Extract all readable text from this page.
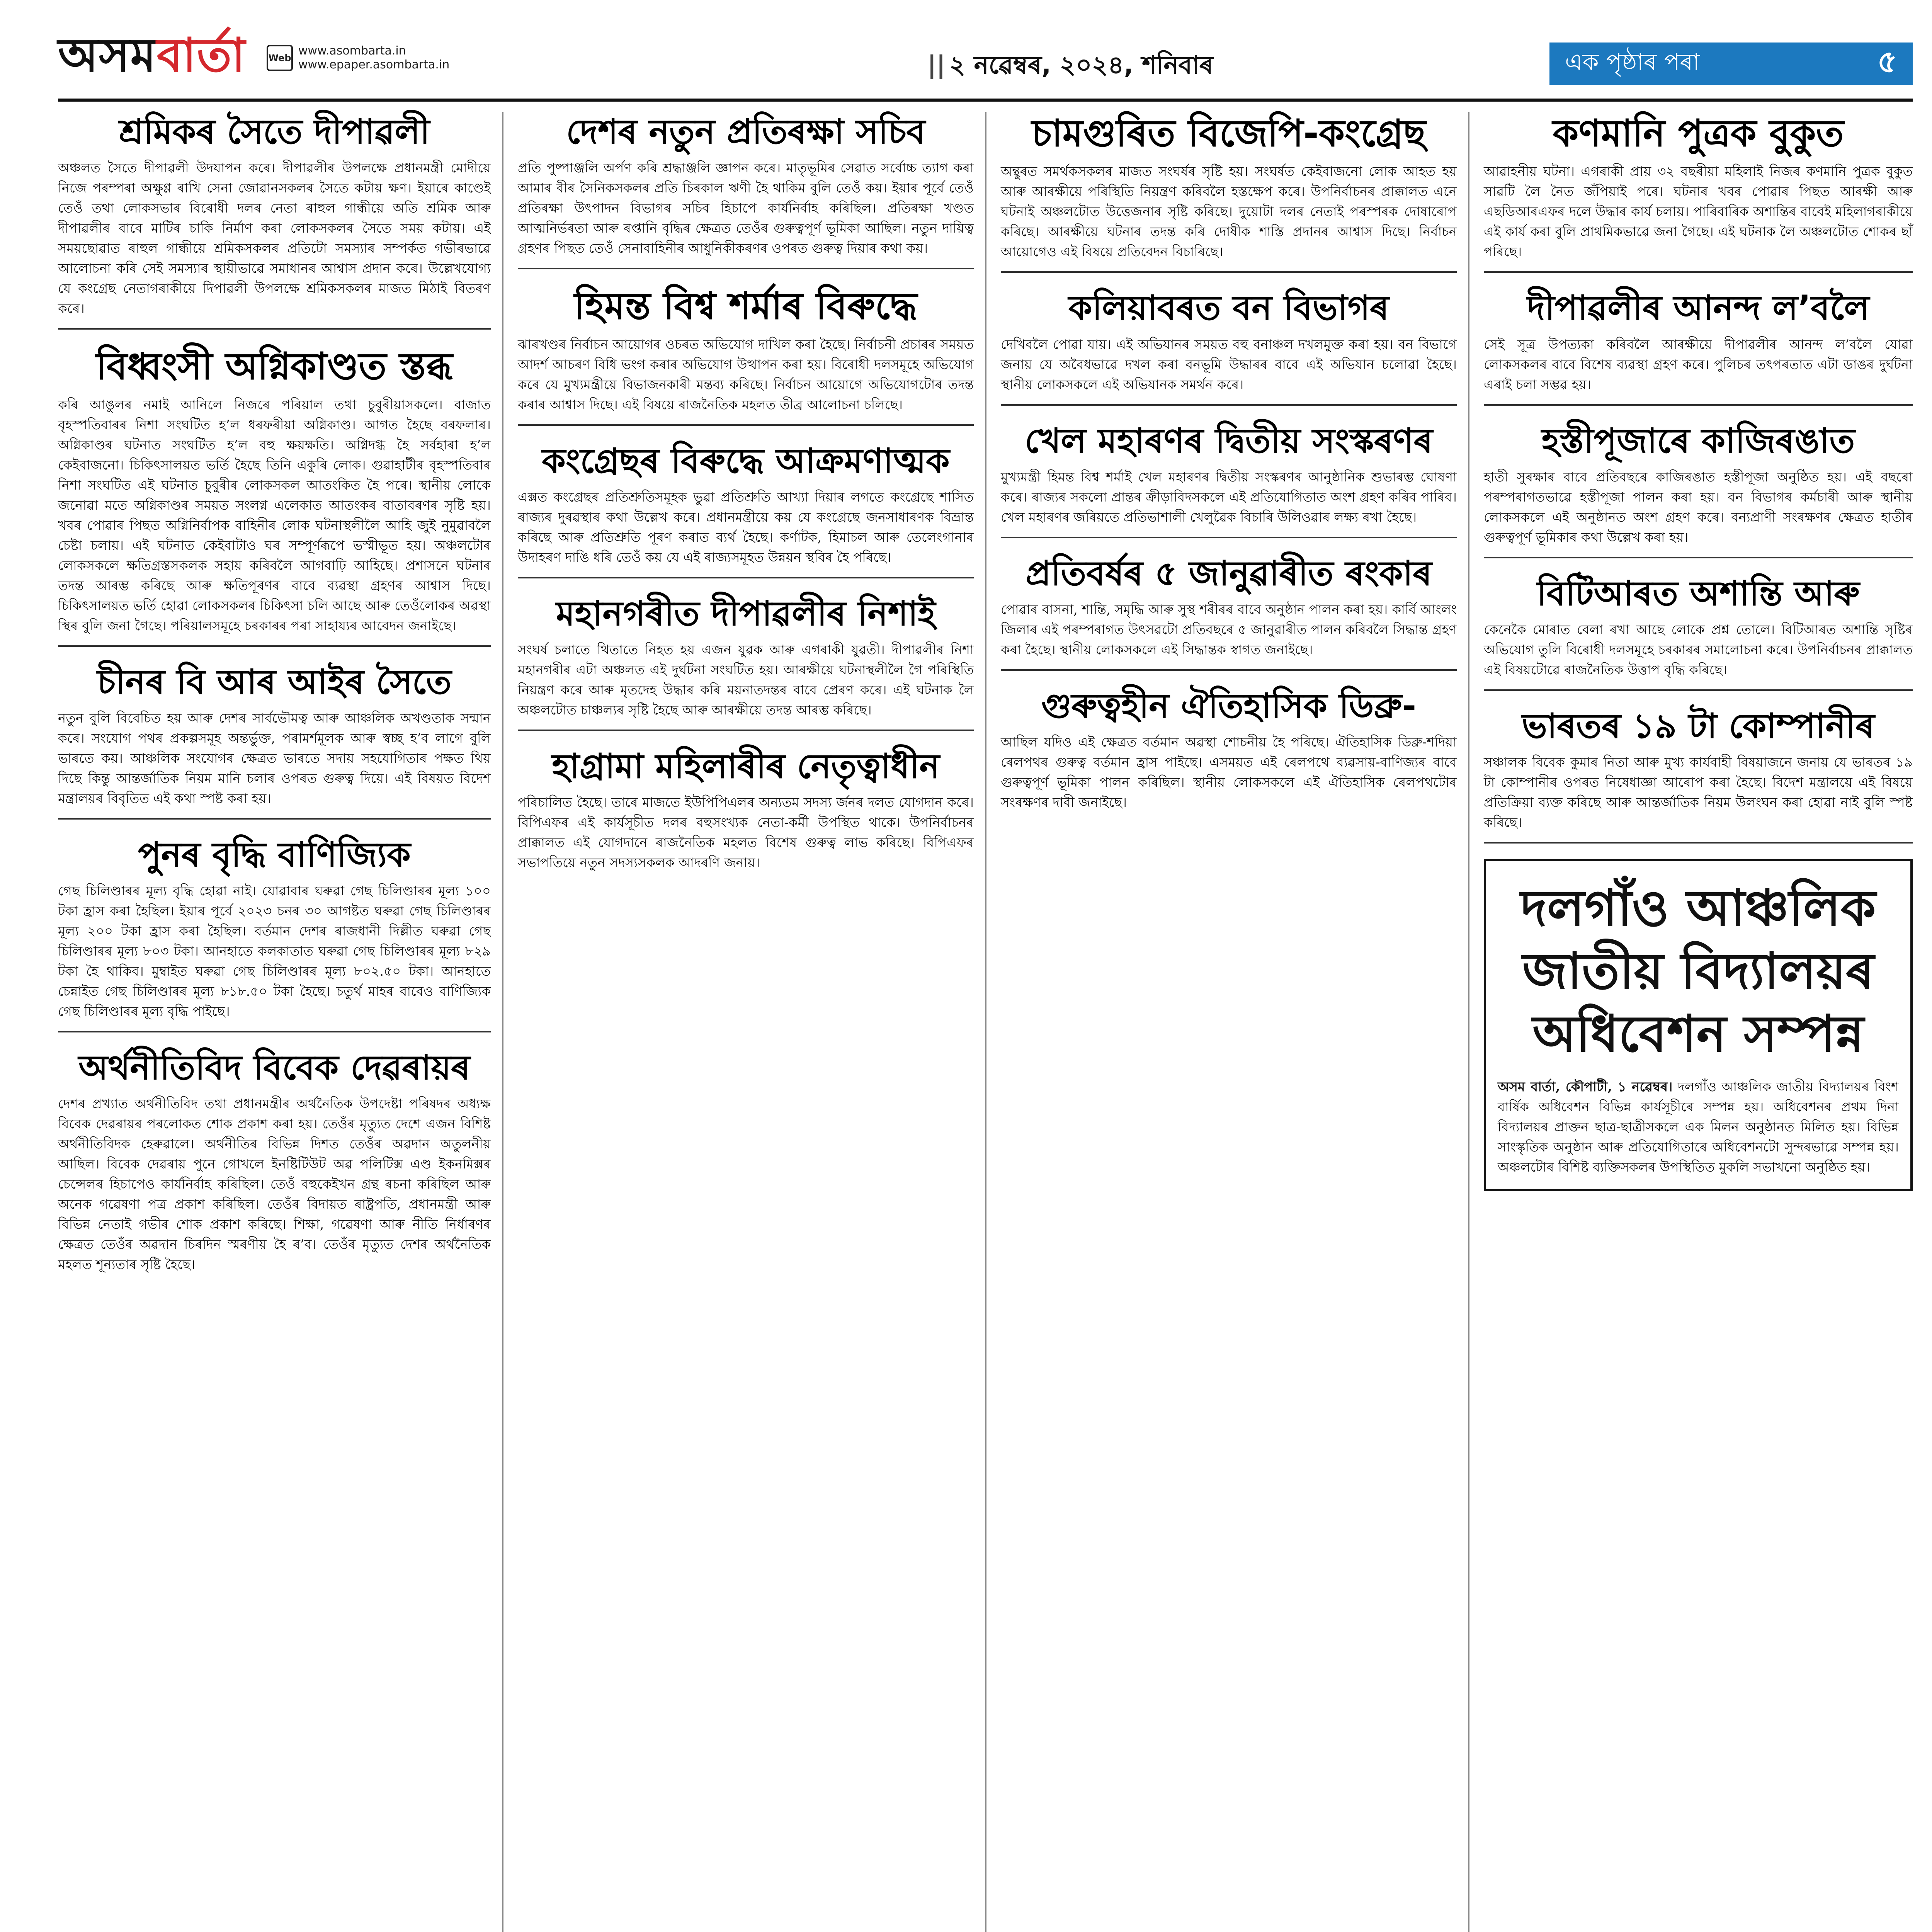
অসমবাৰ্তা Web
www.asombarta.in
www.epaper.asombarta.in	|| ২ নৱেম্বৰ, ২০২৪, শনিবাৰ	এক পৃষ্ঠাৰ পৰা	৫
শ্ৰমিকৰ সৈতে দীপাৱলী

অঞ্চলত সৈতে দীপাৱলী উদযাপন কৰে। দীপাৱলীৰ উপলক্ষে প্ৰধানমন্ত্ৰী মোদীয়ে নিজে পৰম্পৰা অক্ষুণ্ণ ৰাখি সেনা জোৱানসকলৰ সৈতে কটায় ক্ষণ। ইয়াৰে কাণ্ডেই তেওঁ তথা লোকসভাৰ বিৰোধী দলৰ নেতা ৰাহুল গান্ধীয়ে অতি শ্ৰমিক আৰু দীপাৱলীৰ বাবে মাটিৰ চাকি নিৰ্মাণ কৰা লোকসকলৰ সৈতে সময় কটায়। এই সময়ছোৱাত ৰাহুল গান্ধীয়ে শ্ৰমিকসকলৰ প্ৰতিটো সমস্যাৰ সম্পৰ্কত গভীৰভাৱে আলোচনা কৰি সেই সমস্যাৰ স্থায়ীভাৱে সমাধানৰ আশ্বাস প্ৰদান কৰে। উল্লেখযোগ্য যে কংগ্ৰেছ নেতাগৰাকীয়ে দিপাৱলী উপলক্ষে শ্ৰমিকসকলৰ মাজত মিঠাই বিতৰণ কৰে।

বিধ্বংসী অগ্নিকাণ্ডত স্তব্ধ

কৰি আঙুলৰ নমাই আনিলে নিজৰে পৰিয়াল তথা চুবুৰীয়াসকলে। বাজাত বৃহস্পতিবাৰৰ নিশা সংঘটিত হ’ল ধৰফৰীয়া অগ্নিকাণ্ড। আগত হৈছে বৰফলাৰ। অগ্নিকাণ্ডৰ ঘটনাত সংঘটিত হ’ল বহু ক্ষয়ক্ষতি। অগ্নিদগ্ধ হৈ সৰ্বহাৰা হ’ল কেইবাজনো। চিকিৎসালয়ত ভৰ্তি হৈছে তিনি একুৰি লোক। গুৱাহাটীৰ বৃহস্পতিবাৰ নিশা সংঘটিত এই ঘটনাত চুবুৰীৰ লোকসকল আতংকিত হৈ পৰে। স্থানীয় লোকে জনোৱা মতে অগ্নিকাণ্ডৰ সময়ত সংলগ্ন এলেকাত আতংকৰ বাতাবৰণৰ সৃষ্টি হয়। খবৰ পোৱাৰ পিছত অগ্নিনিৰ্বাপক বাহিনীৰ লোক ঘটনাস্থলীলৈ আহি জুই নুমুৱাবলৈ চেষ্টা চলায়। এই ঘটনাত কেইবাটাও ঘৰ সম্পূৰ্ণৰূপে ভস্মীভূত হয়। অঞ্চলটোৰ লোকসকলে ক্ষতিগ্ৰস্তসকলক সহায় কৰিবলৈ আগবাঢ়ি আহিছে। প্ৰশাসনে ঘটনাৰ তদন্ত আৰম্ভ কৰিছে আৰু ক্ষতিপূৰণৰ বাবে ব্যৱস্থা গ্ৰহণৰ আশ্বাস দিছে। চিকিৎসালয়ত ভৰ্তি হোৱা লোকসকলৰ চিকিৎসা চলি আছে আৰু তেওঁলোকৰ অৱস্থা স্থিৰ বুলি জনা গৈছে। পৰিয়ালসমূহে চৰকাৰৰ পৰা সাহায্যৰ আবেদন জনাইছে।

চীনৰ বি আৰ আইৰ সৈতে

নতুন বুলি বিবেচিত হয় আৰু দেশৰ সাৰ্বভৌমত্ব আৰু আঞ্চলিক অখণ্ডতাক সন্মান কৰে। সংযোগ পথৰ প্ৰকল্পসমূহ অন্তৰ্ভুক্ত, পৰামৰ্শমূলক আৰু স্বচ্ছ হ’ব লাগে বুলি ভাৰতে কয়। আঞ্চলিক সংযোগৰ ক্ষেত্ৰত ভাৰতে সদায় সহযোগিতাৰ পক্ষত থিয় দিছে কিন্তু আন্তৰ্জাতিক নিয়ম মানি চলাৰ ওপৰত গুৰুত্ব দিয়ে। এই বিষয়ত বিদেশ মন্ত্ৰালয়ৰ বিবৃতিত এই কথা স্পষ্ট কৰা হয়।

পুনৰ বৃদ্ধি বাণিজ্যিক

গেছ চিলিণ্ডাৰৰ মূল্য বৃদ্ধি হোৱা নাই। যোৱাবাৰ ঘৰুৱা গেছ চিলিণ্ডাৰৰ মূল্য ১০০ টকা হ্ৰাস কৰা হৈছিল। ইয়াৰ পূৰ্বে ২০২৩ চনৰ ৩০ আগষ্টত ঘৰুৱা গেছ চিলিণ্ডাৰৰ মূল্য ২০০ টকা হ্ৰাস কৰা হৈছিল। বৰ্তমান দেশৰ ৰাজধানী দিল্লীত ঘৰুৱা গেছ চিলিণ্ডাৰৰ মূল্য ৮০৩ টকা। আনহাতে কলকাতাত ঘৰুৱা গেছ চিলিণ্ডাৰৰ মূল্য ৮২৯ টকা হৈ থাকিব। মুম্বাইত ঘৰুৱা গেছ চিলিণ্ডাৰৰ মূল্য ৮০২.৫০ টকা। আনহাতে চেন্নাইত গেছ চিলিণ্ডাৰৰ মূল্য ৮১৮.৫০ টকা হৈছে। চতুৰ্থ মাহৰ বাবেও বাণিজ্যিক গেছ চিলিণ্ডাৰৰ মূল্য বৃদ্ধি পাইছে।

অৰ্থনীতিবিদ বিবেক দেৱৰায়ৰ

দেশৰ প্ৰখ্যাত অৰ্থনীতিবিদ তথা প্ৰধানমন্ত্ৰীৰ অৰ্থনৈতিক উপদেষ্টা পৰিষদৰ অধ্যক্ষ বিবেক দেৱৰায়ৰ পৰলোকত শোক প্ৰকাশ কৰা হয়। তেওঁৰ মৃত্যুত দেশে এজন বিশিষ্ট অৰ্থনীতিবিদক হেৰুৱালে। অৰ্থনীতিৰ বিভিন্ন দিশত তেওঁৰ অৱদান অতুলনীয় আছিল। বিবেক দেৱৰায় পুনে গোখলে ইনষ্টিটিউট অৱ পলিটিক্স এণ্ড ইকনমিক্সৰ চেন্সেলৰ হিচাপেও কাৰ্যনিৰ্বাহ কৰিছিল। তেওঁ বহুকেইখন গ্ৰন্থ ৰচনা কৰিছিল আৰু অনেক গৱেষণা পত্ৰ প্ৰকাশ কৰিছিল। তেওঁৰ বিদায়ত ৰাষ্ট্ৰপতি, প্ৰধানমন্ত্ৰী আৰু বিভিন্ন নেতাই গভীৰ শোক প্ৰকাশ কৰিছে। শিক্ষা, গৱেষণা আৰু নীতি নিৰ্ধাৰণৰ ক্ষেত্ৰত তেওঁৰ অৱদান চিৰদিন স্মৰণীয় হৈ ৰ’ব। তেওঁৰ মৃত্যুত দেশৰ অৰ্থনৈতিক মহলত শূন্যতাৰ সৃষ্টি হৈছে।

দেশৰ নতুন প্ৰতিৰক্ষা সচিব

প্ৰতি পুষ্পাঞ্জলি অৰ্পণ কৰি শ্ৰদ্ধাঞ্জলি জ্ঞাপন কৰে। মাতৃভূমিৰ সেৱাত সৰ্বোচ্চ ত্যাগ কৰা আমাৰ বীৰ সৈনিকসকলৰ প্ৰতি চিৰকাল ঋণী হৈ থাকিম বুলি তেওঁ কয়। ইয়াৰ পূৰ্বে তেওঁ প্ৰতিৰক্ষা উৎপাদন বিভাগৰ সচিব হিচাপে কাৰ্যনিৰ্বাহ কৰিছিল। প্ৰতিৰক্ষা খণ্ডত আত্মনিৰ্ভৰতা আৰু ৰপ্তানি বৃদ্ধিৰ ক্ষেত্ৰত তেওঁৰ গুৰুত্বপূৰ্ণ ভূমিকা আছিল। নতুন দায়িত্ব গ্ৰহণৰ পিছত তেওঁ সেনাবাহিনীৰ আধুনিকীকৰণৰ ওপৰত গুৰুত্ব দিয়াৰ কথা কয়।

হিমন্ত বিশ্ব শৰ্মাৰ বিৰুদ্ধে

ঝাৰখণ্ডৰ নিৰ্বাচন আয়োগৰ ওচৰত অভিযোগ দাখিল কৰা হৈছে। নিৰ্বাচনী প্ৰচাৰৰ সময়ত আদৰ্শ আচৰণ বিধি ভংগ কৰাৰ অভিযোগ উত্থাপন কৰা হয়। বিৰোধী দলসমূহে অভিযোগ কৰে যে মুখ্যমন্ত্ৰীয়ে বিভাজনকাৰী মন্তব্য কৰিছে। নিৰ্বাচন আয়োগে অভিযোগটোৰ তদন্ত কৰাৰ আশ্বাস দিছে। এই বিষয়ে ৰাজনৈতিক মহলত তীব্ৰ আলোচনা চলিছে।

কংগ্ৰেছৰ বিৰুদ্ধে আক্ৰমণাত্মক

এক্সত কংগ্ৰেছৰ প্ৰতিশ্ৰুতিসমূহক ভুৱা প্ৰতিশ্ৰুতি আখ্যা দিয়াৰ লগতে কংগ্ৰেছে শাসিত ৰাজ্যৰ দুৰৱস্থাৰ কথা উল্লেখ কৰে। প্ৰধানমন্ত্ৰীয়ে কয় যে কংগ্ৰেছে জনসাধাৰণক বিভ্ৰান্ত কৰিছে আৰু প্ৰতিশ্ৰুতি পূৰণ কৰাত ব্যৰ্থ হৈছে। কৰ্ণাটক, হিমাচল আৰু তেলেংগানাৰ উদাহৰণ দাঙি ধৰি তেওঁ কয় যে এই ৰাজ্যসমূহত উন্নয়ন স্থবিৰ হৈ পৰিছে।

মহানগৰীত দীপাৱলীৰ নিশাই

সংঘৰ্ষ চলাতে থিতাতে নিহত হয় এজন যুৱক আৰু এগৰাকী যুৱতী। দীপাৱলীৰ নিশা মহানগৰীৰ এটা অঞ্চলত এই দুৰ্ঘটনা সংঘটিত হয়। আৰক্ষীয়ে ঘটনাস্থলীলৈ গৈ পৰিস্থিতি নিয়ন্ত্ৰণ কৰে আৰু মৃতদেহ উদ্ধাৰ কৰি ময়নাতদন্তৰ বাবে প্ৰেৰণ কৰে। এই ঘটনাক লৈ অঞ্চলটোত চাঞ্চল্যৰ সৃষ্টি হৈছে আৰু আৰক্ষীয়ে তদন্ত আৰম্ভ কৰিছে।

হাগ্ৰামা মহিলাৰীৰ নেতৃত্বাধীন

পৰিচালিত হৈছে। তাৰে মাজতে ইউপিপিএলৰ অন্যতম সদস্য ৰ্জনৰ দলত যোগদান কৰে। বিপিএফৰ এই কাৰ্যসূচীত দলৰ বহুসংখ্যক নেতা-কৰ্মী উপস্থিত থাকে। উপনিৰ্বাচনৰ প্ৰাক্কালত এই যোগদানে ৰাজনৈতিক মহলত বিশেষ গুৰুত্ব লাভ কৰিছে। বিপিএফৰ সভাপতিয়ে নতুন সদস্যসকলক আদৰণি জনায়।

চামগুৰিত বিজেপি-কংগ্ৰেছ

অন্থুৰত সমৰ্থকসকলৰ মাজত সংঘৰ্ষৰ সৃষ্টি হয়। সংঘৰ্ষত কেইবাজনো লোক আহত হয় আৰু আৰক্ষীয়ে পৰিস্থিতি নিয়ন্ত্ৰণ কৰিবলৈ হস্তক্ষেপ কৰে। উপনিৰ্বাচনৰ প্ৰাক্কালত এনে ঘটনাই অঞ্চলটোত উত্তেজনাৰ সৃষ্টি কৰিছে। দুয়োটা দলৰ নেতাই পৰস্পৰক দোষাৰোপ কৰিছে। আৰক্ষীয়ে ঘটনাৰ তদন্ত কৰি দোষীক শাস্তি প্ৰদানৰ আশ্বাস দিছে। নিৰ্বাচন আয়োগেও এই বিষয়ে প্ৰতিবেদন বিচাৰিছে।

কলিয়াবৰত বন বিভাগৰ

দেখিবলৈ পোৱা যায়। এই অভিযানৰ সময়ত বহু বনাঞ্চল দখলমুক্ত কৰা হয়। বন বিভাগে জনায় যে অবৈধভাৱে দখল কৰা বনভূমি উদ্ধাৰৰ বাবে এই অভিযান চলোৱা হৈছে। স্থানীয় লোকসকলে এই অভিযানক সমৰ্থন কৰে।

খেল মহাৰণৰ দ্বিতীয় সংস্কৰণৰ

মুখ্যমন্ত্ৰী হিমন্ত বিশ্ব শৰ্মাই খেল মহাৰণৰ দ্বিতীয় সংস্কৰণৰ আনুষ্ঠানিক শুভাৰম্ভ ঘোষণা কৰে। ৰাজ্যৰ সকলো প্ৰান্তৰ ক্ৰীড়াবিদসকলে এই প্ৰতিযোগিতাত অংশ গ্ৰহণ কৰিব পাৰিব। খেল মহাৰণৰ জৰিয়তে প্ৰতিভাশালী খেলুৱৈক বিচাৰি উলিওৱাৰ লক্ষ্য ৰখা হৈছে।

প্ৰতিবৰ্ষৰ ৫ জানুৱাৰীত ৰংকাৰ

পোৱাৰ বাসনা, শান্তি, সমৃদ্ধি আৰু সুস্থ শৰীৰৰ বাবে অনুষ্ঠান পালন কৰা হয়। কাৰ্বি আংলং জিলাৰ এই পৰম্পৰাগত উৎসৱটো প্ৰতিবছৰে ৫ জানুৱাৰীত পালন কৰিবলৈ সিদ্ধান্ত গ্ৰহণ কৰা হৈছে। স্থানীয় লোকসকলে এই সিদ্ধান্তক স্বাগত জনাইছে।

গুৰুত্বহীন ঐতিহাসিক ডিব্ৰু-

আছিল যদিও এই ক্ষেত্ৰত বৰ্তমান অৱস্থা শোচনীয় হৈ পৰিছে। ঐতিহাসিক ডিব্ৰু-শদিয়া ৰেলপথৰ গুৰুত্ব বৰ্তমান হ্ৰাস পাইছে। এসময়ত এই ৰেলপথে ব্যৱসায়-বাণিজ্যৰ বাবে গুৰুত্বপূৰ্ণ ভূমিকা পালন কৰিছিল। স্থানীয় লোকসকলে এই ঐতিহাসিক ৰেলপথটোৰ সংৰক্ষণৰ দাবী জনাইছে।

কণমানি পুত্ৰক বুকুত

আৱাহনীয় ঘটনা। এগৰাকী প্ৰায় ৩২ বছৰীয়া মহিলাই নিজৰ কণমানি পুত্ৰক বুকুত সাৱটি লৈ নৈত জঁপিয়াই পৰে। ঘটনাৰ খবৰ পোৱাৰ পিছত আৰক্ষী আৰু এছডিআৰএফৰ দলে উদ্ধাৰ কাৰ্য চলায়। পাৰিবাৰিক অশান্তিৰ বাবেই মহিলাগৰাকীয়ে এই কাৰ্য কৰা বুলি প্ৰাথমিকভাৱে জনা গৈছে। এই ঘটনাক লৈ অঞ্চলটোত শোকৰ ছাঁ পৰিছে।

দীপাৱলীৰ আনন্দ ল’বলৈ

সেই সূত্ৰ উপত্যকা কৰিবলৈ আৰক্ষীয়ে দীপাৱলীৰ আনন্দ ল’বলৈ যোৱা লোকসকলৰ বাবে বিশেষ ব্যৱস্থা গ্ৰহণ কৰে। পুলিচৰ তৎপৰতাত এটা ডাঙৰ দুৰ্ঘটনা এৰাই চলা সম্ভৱ হয়।

হস্তীপূজাৰে কাজিৰঙাত

হাতী সুৰক্ষাৰ বাবে প্ৰতিবছৰে কাজিৰঙাত হস্তীপূজা অনুষ্ঠিত হয়। এই বছৰো পৰম্পৰাগতভাৱে হস্তীপূজা পালন কৰা হয়। বন বিভাগৰ কৰ্মচাৰী আৰু স্থানীয় লোকসকলে এই অনুষ্ঠানত অংশ গ্ৰহণ কৰে। বন্যপ্ৰাণী সংৰক্ষণৰ ক্ষেত্ৰত হাতীৰ গুৰুত্বপূৰ্ণ ভূমিকাৰ কথা উল্লেখ কৰা হয়।

বিটিআৰত অশান্তি আৰু

কেনেকৈ মোৰাত বেলা ৰখা আছে লোকে প্ৰশ্ন তোলে। বিটিআৰত অশান্তি সৃষ্টিৰ অভিযোগ তুলি বিৰোধী দলসমূহে চৰকাৰৰ সমালোচনা কৰে। উপনিৰ্বাচনৰ প্ৰাক্কালত এই বিষয়টোৱে ৰাজনৈতিক উত্তাপ বৃদ্ধি কৰিছে।

ভাৰতৰ ১৯ টা কোম্পানীৰ

সঞ্চালক বিবেক কুমাৰ নিতা আৰু মুখ্য কাৰ্যবাহী বিষয়াজনে জনায় যে ভাৰতৰ ১৯ টা কোম্পানীৰ ওপৰত নিষেধাজ্ঞা আৰোপ কৰা হৈছে। বিদেশ মন্ত্ৰালয়ে এই বিষয়ে প্ৰতিক্ৰিয়া ব্যক্ত কৰিছে আৰু আন্তৰ্জাতিক নিয়ম উলংঘন কৰা হোৱা নাই বুলি স্পষ্ট কৰিছে।

দলগাঁও আঞ্চলিক জাতীয় বিদ্যালয়ৰ অধিবেশন সম্পন্ন

অসম বাৰ্তা, কৌপাটী, ১ নৱেম্বৰ। দলগাঁও আঞ্চলিক জাতীয় বিদ্যালয়ৰ বিংশ বাৰ্ষিক অধিবেশন বিভিন্ন কাৰ্যসূচীৰে সম্পন্ন হয়। অধিবেশনৰ প্ৰথম দিনা বিদ্যালয়ৰ প্ৰাক্তন ছাত্ৰ-ছাত্ৰীসকলে এক মিলন অনুষ্ঠানত মিলিত হয়। বিভিন্ন সাংস্কৃতিক অনুষ্ঠান আৰু প্ৰতিযোগিতাৰে অধিবেশনটো সুন্দৰভাৱে সম্পন্ন হয়। অঞ্চলটোৰ বিশিষ্ট ব্যক্তিসকলৰ উপস্থিতিত মুকলি সভাখনো অনুষ্ঠিত হয়।
